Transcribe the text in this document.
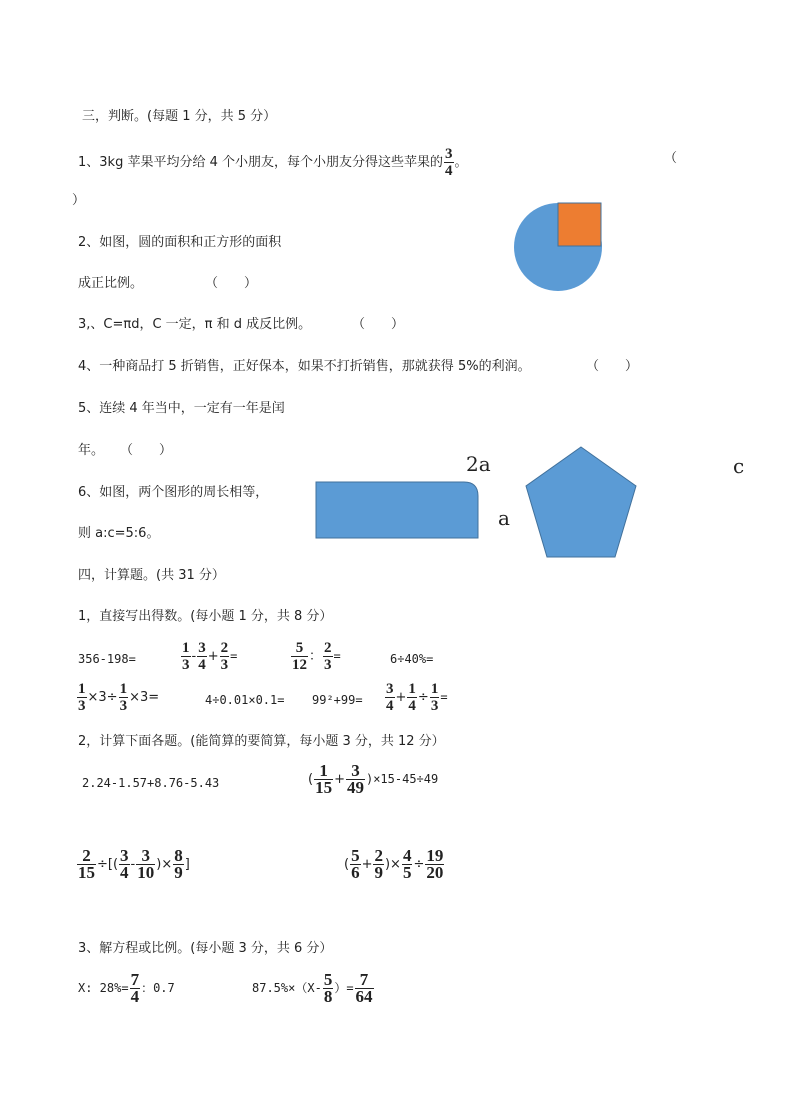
三，判断。(每题 1 分，共 5 分）
1、3kg 苹果平均分给 4 个小朋友，每个小朋友分得这些苹果的 $\frac{3}{4}$ 。	（
）
2、如图，圆的面积和正方形的面积
成正比例。	（　　）
3,、C=πd，C 一定，π 和 d 成反比例。	（　　）
4、一种商品打 5 折销售，正好保本，如果不打折销售，那就获得 5%的利润。	（　　）
5、连续 4 年当中，一定有一年是闰
年。 （　　）
6、如图，两个图形的周长相等，
则 a:c=5:6。
2a
a
c
四，计算题。(共 31 分）
1，直接写出得数。(每小题 1 分，共 8 分）
356-198=	$\frac{1}{3} - \frac{3}{4} + \frac{2}{3}$ =	$\frac{5}{12}$ ： $\frac{2}{3}$ =	6÷40%=
$\frac{1}{3} \times 3\div \frac{1}{3} \times 3=$	$4\div 0.01\times 0.1= 99^2+99= \frac{3}{4} + \frac{1}{4} \div \frac{1}{3}$ =
2，计算下面各题。(能简算的要简算，每小题 3 分，共 12 分）
2.24-1.57+8.76-5.43	( $\frac{1}{15} + \frac{3}{49} )\times 15-45\div 49$
$\frac{2}{15}$ ÷[( $\frac{3}{4} - \frac{3}{10}$ )× $\frac{8}{9}$ ]	( $\frac{5}{6} + \frac{2}{9}$ )× $\frac{4}{5} \div \frac{19}{20}$
3、解方程或比例。(每小题 3 分，共 6 分）
X: $28\%= \frac{7}{4}$ ：0.7	$87.5\%\times(X- \frac{5}{8}$ ）= $\frac{7}{64}$
